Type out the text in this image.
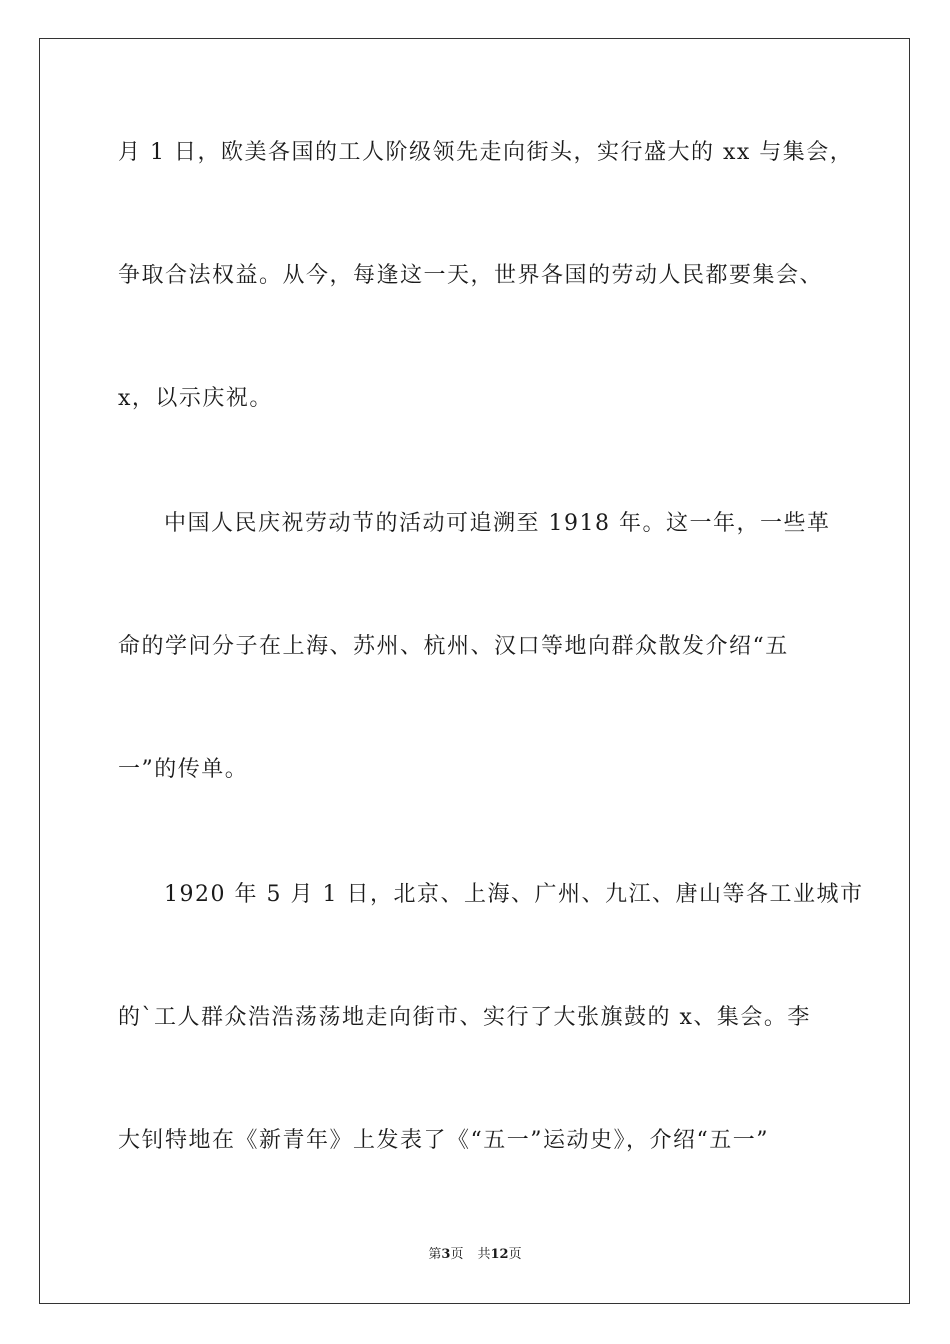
月 1 日，欧美各国的工人阶级领先走向街头，实行盛大的 xx 与集会，
争取合法权益。从今，每逢这一天，世界各国的劳动人民都要集会、
x，以示庆祝。
中国人民庆祝劳动节的活动可追溯至 1918 年。这一年，一些革
命的学问分子在上海、苏州、杭州、汉口等地向群众散发介绍“五
一”的传单。
1920 年 5 月 1 日，北京、上海、广州、九江、唐山等各工业城市
的`工人群众浩浩荡荡地走向街市、实行了大张旗鼓的 x、集会。李
大钊特地在《新青年》上发表了《“五一”运动史》，介绍“五一”
第3页 共12页
